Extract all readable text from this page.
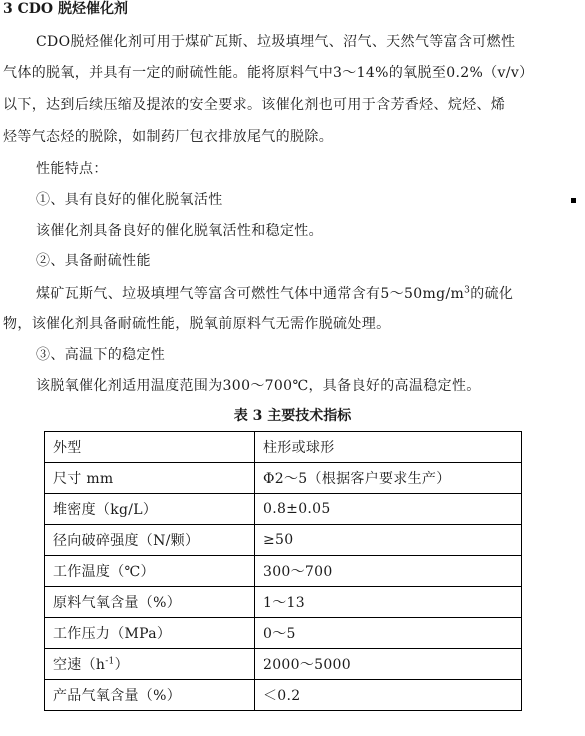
3 CDO 脱烃催化剂
CDO脱烃催化剂可用于煤矿瓦斯、垃圾填埋气、沼气、天然气等富含可燃性
气体的脱氧，并具有一定的耐硫性能。能将原料气中3～14%的氧脱至0.2%（v/v）
以下，达到后续压缩及提浓的安全要求。该催化剂也可用于含芳香烃、烷烃、烯
烃等气态烃的脱除，如制药厂包衣排放尾气的脱除。
性能特点：
①、具有良好的催化脱氧活性
该催化剂具备良好的催化脱氧活性和稳定性。
②、具备耐硫性能
煤矿瓦斯气、垃圾填埋气等富含可燃性气体中通常含有$5\sim 50mg/m^3$的硫化
物，该催化剂具备耐硫性能，脱氧前原料气无需作脱硫处理。
③、高温下的稳定性
该脱氧催化剂适用温度范围为300～700℃，具备良好的高温稳定性。
表 3 主要技术指标
外型	柱形或球形
尺寸 mm	Φ2～5（根据客户要求生产）
堆密度（kg/L）	0.8±0.05
径向破碎强度（N/颗）	≥50
工作温度（℃）	300～700
原料气氧含量（%）	1～13
工作压力（MPa）	0～5
空速$(h^{-1})$	2000～5000
产品气氧含量（%）	＜0.2
